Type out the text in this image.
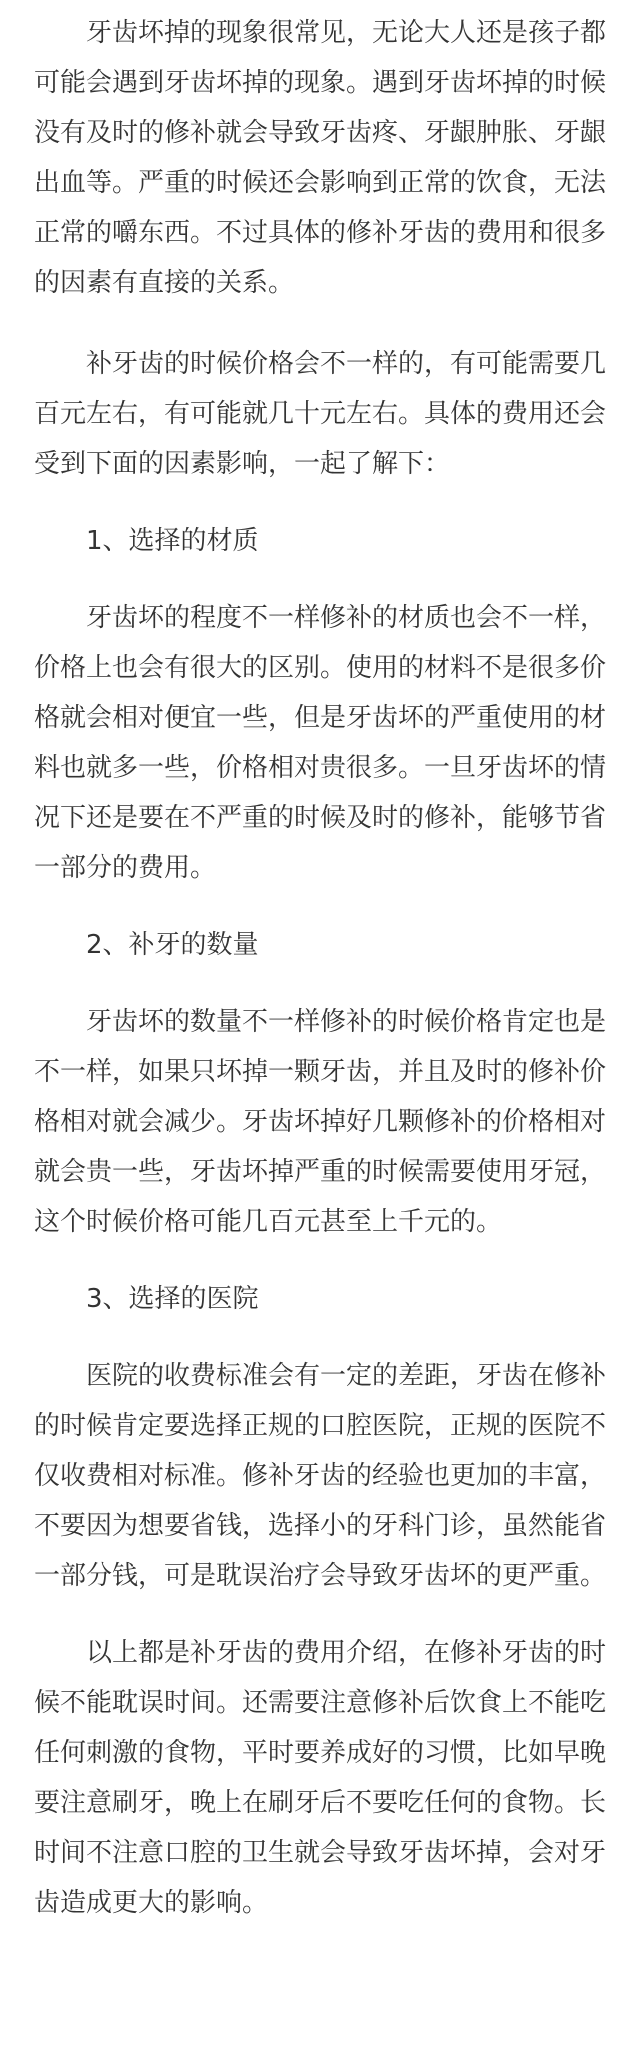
牙齿坏掉的现象很常见，无论大人还是孩子都可能会遇到牙齿坏掉的现象。遇到牙齿坏掉的时候没有及时的修补就会导致牙齿疼、牙龈肿胀、牙龈出血等。严重的时候还会影响到正常的饮食，无法正常的嚼东西。不过具体的修补牙齿的费用和很多的因素有直接的关系。

补牙齿的时候价格会不一样的，有可能需要几百元左右，有可能就几十元左右。具体的费用还会受到下面的因素影响，一起了解下：

1、选择的材质

牙齿坏的程度不一样修补的材质也会不一样，价格上也会有很大的区别。使用的材料不是很多价格就会相对便宜一些，但是牙齿坏的严重使用的材料也就多一些，价格相对贵很多。一旦牙齿坏的情况下还是要在不严重的时候及时的修补，能够节省一部分的费用。

2、补牙的数量

牙齿坏的数量不一样修补的时候价格肯定也是不一样，如果只坏掉一颗牙齿，并且及时的修补价格相对就会减少。牙齿坏掉好几颗修补的价格相对就会贵一些，牙齿坏掉严重的时候需要使用牙冠，这个时候价格可能几百元甚至上千元的。

3、选择的医院

医院的收费标准会有一定的差距，牙齿在修补的时候肯定要选择正规的口腔医院，正规的医院不仅收费相对标准。修补牙齿的经验也更加的丰富，不要因为想要省钱，选择小的牙科门诊，虽然能省一部分钱，可是耽误治疗会导致牙齿坏的更严重。

以上都是补牙齿的费用介绍，在修补牙齿的时候不能耽误时间。还需要注意修补后饮食上不能吃任何刺激的食物，平时要养成好的习惯，比如早晚要注意刷牙，晚上在刷牙后不要吃任何的食物。长时间不注意口腔的卫生就会导致牙齿坏掉，会对牙齿造成更大的影响。
